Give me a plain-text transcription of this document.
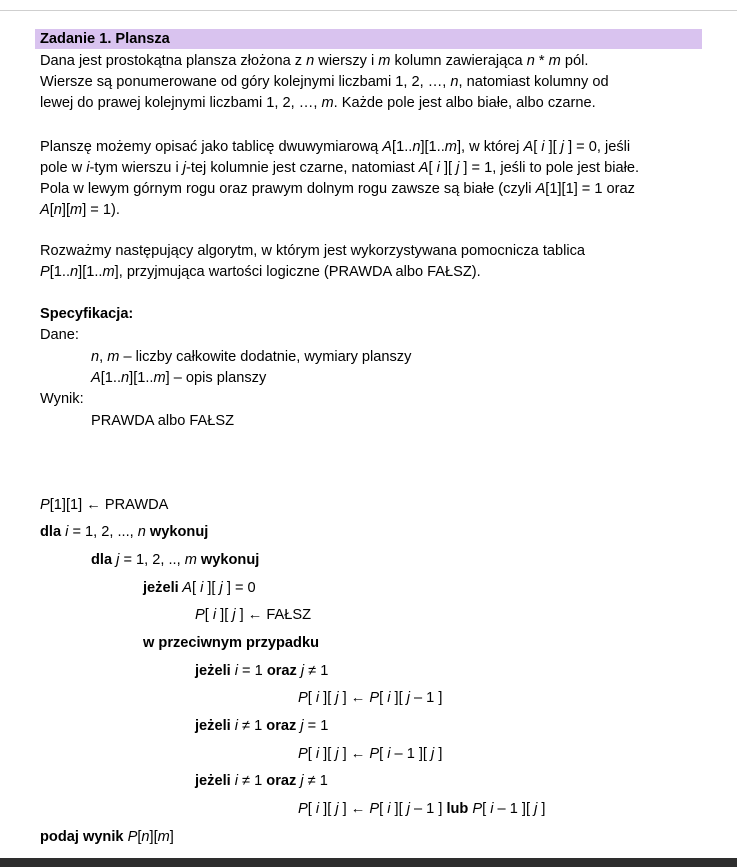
Zadanie 1. Plansza
Dana jest prostokątna plansza złożona z n wierszy i m kolumn zawierająca n * m pól.
Wiersze są ponumerowane od góry kolejnymi liczbami 1, 2, …, n, natomiast kolumny od
lewej do prawej kolejnymi liczbami 1, 2, …, m. Każde pole jest albo białe, albo czarne.
Planszę możemy opisać jako tablicę dwuwymiarową A[1..n][1..m], w której A[ i ][ j ] = 0, jeśli
pole w i-tym wierszu i j-tej kolumnie jest czarne, natomiast A[ i ][ j ] = 1, jeśli to pole jest białe.
Pola w lewym górnym rogu oraz prawym dolnym rogu zawsze są białe (czyli A[1][1] = 1 oraz
A[n][m] = 1).
Rozważmy następujący algorytm, w którym jest wykorzystywana pomocnicza tablica
P[1..n][1..m], przyjmująca wartości logiczne (PRAWDA albo FAŁSZ).
Specyfikacja:
Dane:
n, m – liczby całkowite dodatnie, wymiary planszy
A[1..n][1..m] – opis planszy
Wynik:
PRAWDA albo FAŁSZ
P[1][1] ← PRAWDA
dla i = 1, 2, ..., n wykonuj
dla j = 1, 2, .., m wykonuj
jeżeli A[ i ][ j ] = 0
P[ i ][ j ] ← FAŁSZ
w przeciwnym przypadku
jeżeli i = 1 oraz j ≠ 1
P[ i ][ j ] ← P[ i ][ j – 1 ]
jeżeli i ≠ 1 oraz j = 1
P[ i ][ j ] ← P[ i – 1 ][ j ]
jeżeli i ≠ 1 oraz j ≠ 1
P[ i ][ j ] ← P[ i ][ j – 1 ] lub P[ i – 1 ][ j ]
podaj wynik P[n][m]
